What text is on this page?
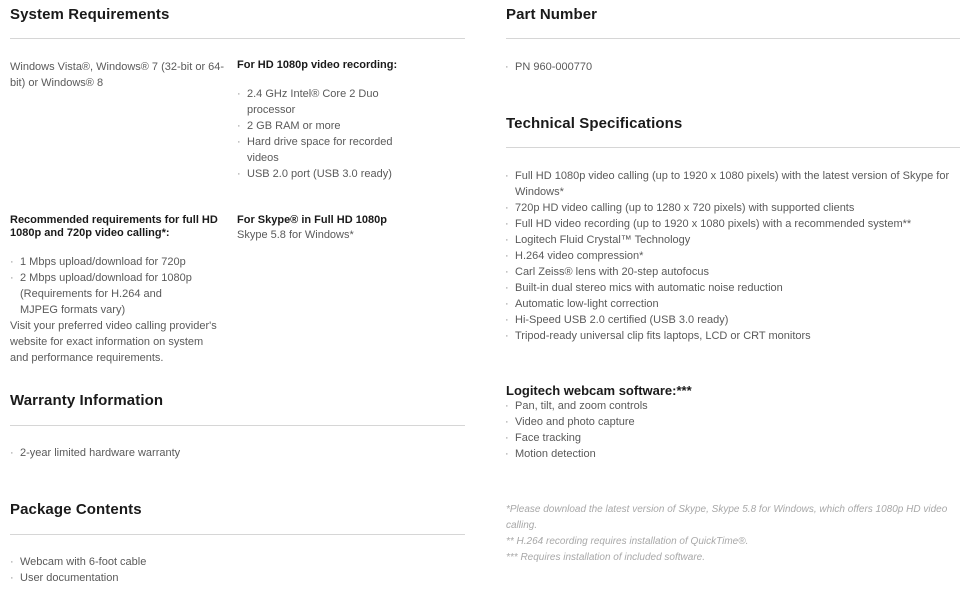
System Requirements

Windows Vista®, Windows® 7 (32-bit or 64-bit) or Windows® 8

For HD 1080p video recording:
· 2.4 GHz Intel® Core 2 Duo processor
· 2 GB RAM or more
· Hard drive space for recorded videos
· USB 2.0 port (USB 3.0 ready)
Recommended requirements for full HD 1080p and 720p video calling*:
· 1 Mbps upload/download for 720p
· 2 Mbps upload/download for 1080p (Requirements for H.264 and MJPEG formats vary)

Visit your preferred video calling provider's website for exact information on system and performance requirements.

For Skype® in Full HD 1080p

Skype 5.8 for Windows*

Warranty Information
· 2-year limited hardware warranty
Package Contents
· Webcam with 6-foot cable
· User documentation
Part Number
· PN 960-000770
Technical Specifications
· Full HD 1080p video calling (up to 1920 x 1080 pixels) with the latest version of Skype for Windows*
· 720p HD video calling (up to 1280 x 720 pixels) with supported clients
· Full HD video recording (up to 1920 x 1080 pixels) with a recommended system**
· Logitech Fluid Crystal™ Technology
· H.264 video compression*
· Carl Zeiss® lens with 20-step autofocus
· Built-in dual stereo mics with automatic noise reduction
· Automatic low-light correction
· Hi-Speed USB 2.0 certified (USB 3.0 ready)
· Tripod-ready universal clip fits laptops, LCD or CRT monitors
Logitech webcam software:***
· Pan, tilt, and zoom controls
· Video and photo capture
· Face tracking
· Motion detection

*Please download the latest version of Skype, Skype 5.8 for Windows, which offers 1080p HD video calling.

** H.264 recording requires installation of QuickTime®.

*** Requires installation of included software.
